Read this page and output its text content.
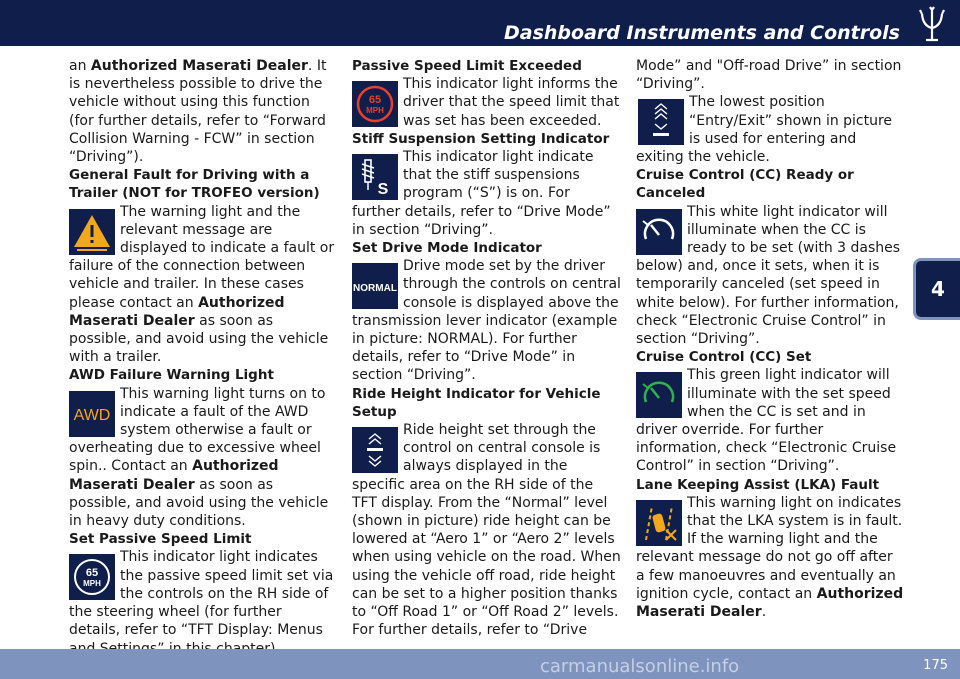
Dashboard Instruments and Controls
4

an Authorized Maserati Dealer. It is nevertheless possible to drive the vehicle without using this function (for further details, refer to “Forward Collision Warning - FCW” in section “Driving”).

General Fault for Driving with a Trailer (NOT for TROFEO version)

The warning light and the relevant message are displayed to indicate a fault or failure of the connection between vehicle and trailer. In these cases please contact an Authorized Maserati Dealer as soon as possible, and avoid using the vehicle with a trailer.

AWD Failure Warning Light

AWD

This warning light turns on to indicate a fault of the AWD system otherwise a fault or overheating due to excessive wheel spin.. Contact an Authorized Maserati Dealer as soon as possible, and avoid using the vehicle in heavy duty conditions.

Set Passive Speed Limit

65
MPH

This indicator light indicates the passive speed limit set via the controls on the RH side of the steering wheel (for further details, refer to “TFT Display: Menus

Passive Speed Limit Exceeded

65
MPH

This indicator light informs the driver that the speed limit that was set has been exceeded.

Stiff Suspension Setting Indicator

S

This indicator light indicate that the stiff suspensions program (“S”) is on. For further details, refer to “Drive Mode” in section “Driving”.

Set Drive Mode Indicator

NORMAL

Drive mode set by the driver through the controls on central console is displayed above the transmission lever indicator (example in picture: NORMAL). For further details, refer to “Drive Mode” in section “Driving”.

Ride Height Indicator for Vehicle Setup

Ride height set through the control on central console is always displayed in the specific area on the RH side of the TFT display. From the “Normal” level (shown in picture) ride height can be lowered at “Aero 1” or “Aero 2” levels when using vehicle on the road. When using the vehicle off road, ride height can be set to a higher position thanks to “Off Road 1” or “Off Road 2” levels. For further details, refer to “Drive

Mode” and "Off-road Drive” in section “Driving”.

The lowest position “Entry/Exit” shown in picture is used for entering and exiting the vehicle.

Cruise Control (CC) Ready or Canceled

This white light indicator will illuminate when the CC is ready to be set (with 3 dashes below) and, once it sets, when it is temporarily canceled (set speed in white below). For further information, check “Electronic Cruise Control” in section “Driving”.

Cruise Control (CC) Set

This green light indicator will illuminate with the set speed when the CC is set and in driver override. For further information, check “Electronic Cruise Control” in section “Driving”.

Lane Keeping Assist (LKA) Fault

This warning light on indicates that the LKA system is in fault. If the warning light and the relevant message do not go off after a few manoeuvres and eventually an ignition cycle, contact an Authorized Maserati Dealer.

carmanualsonline.info	175
